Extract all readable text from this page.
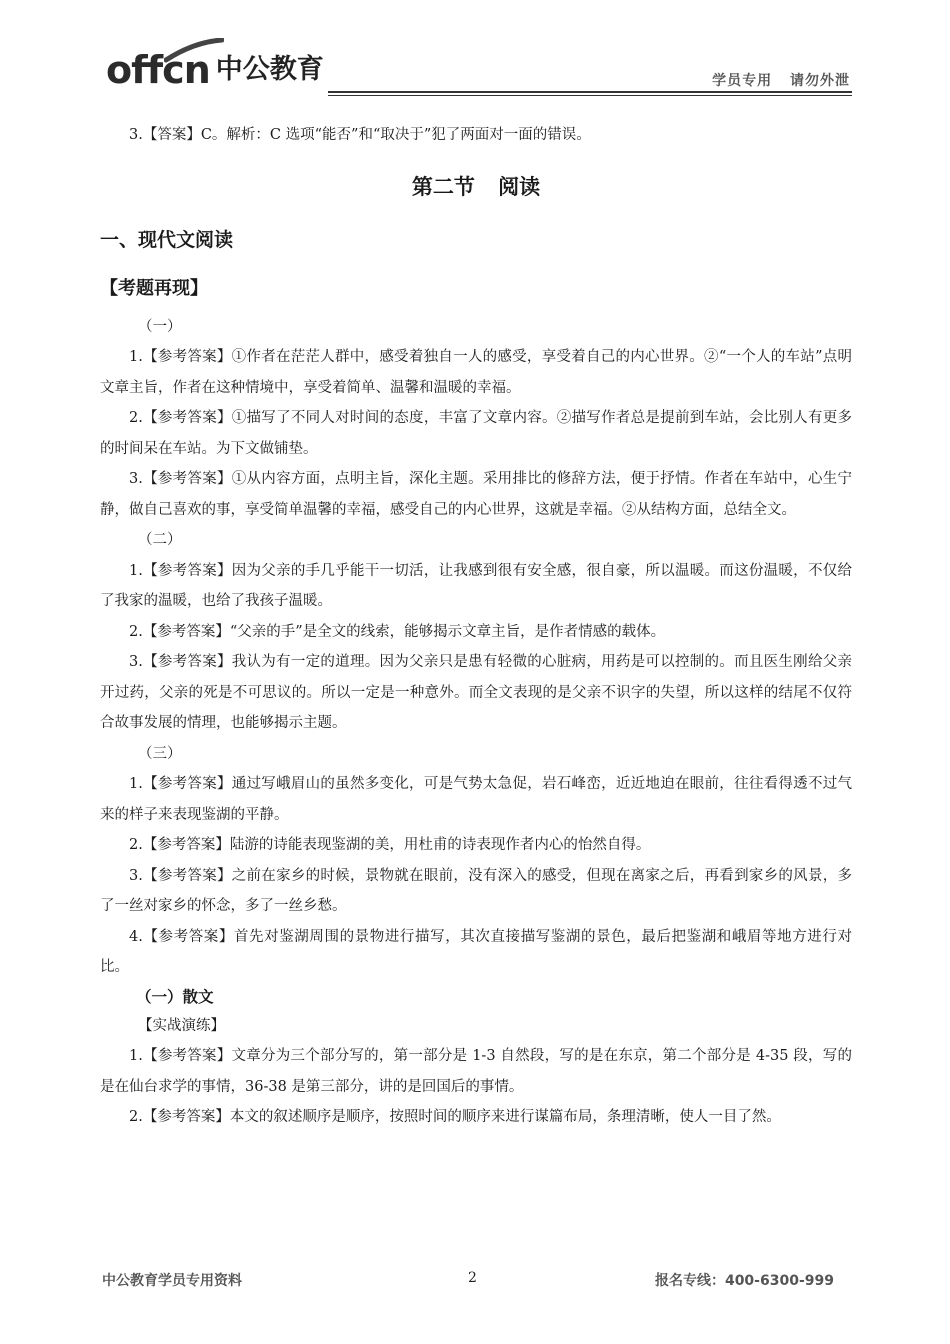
offcn 中公教育	学员专用 请勿外泄

3.【答案】C。解析：C 选项“能否”和“取决于”犯了两面对一面的错误。

第二节 阅读
一、现代文阅读
【考题再现】
（一）

1.【参考答案】①作者在茫茫人群中，感受着独自一人的感受，享受着自己的内心世界。②“一个人的车站”点明文章主旨，作者在这种情境中，享受着简单、温馨和温暖的幸福。

2.【参考答案】①描写了不同人对时间的态度，丰富了文章内容。②描写作者总是提前到车站，会比别人有更多的时间呆在车站。为下文做铺垫。

3.【参考答案】①从内容方面，点明主旨，深化主题。采用排比的修辞方法，便于抒情。作者在车站中，心生宁静，做自己喜欢的事，享受简单温馨的幸福，感受自己的内心世界，这就是幸福。②从结构方面，总结全文。

（二）

1.【参考答案】因为父亲的手几乎能干一切活，让我感到很有安全感，很自豪，所以温暖。而这份温暖，不仅给了我家的温暖，也给了我孩子温暖。

2.【参考答案】“父亲的手”是全文的线索，能够揭示文章主旨，是作者情感的载体。

3.【参考答案】我认为有一定的道理。因为父亲只是患有轻微的心脏病，用药是可以控制的。而且医生刚给父亲开过药，父亲的死是不可思议的。所以一定是一种意外。而全文表现的是父亲不识字的失望，所以这样的结尾不仅符合故事发展的情理，也能够揭示主题。

（三）

1.【参考答案】通过写峨眉山的虽然多变化，可是气势太急促，岩石峰峦，近近地迫在眼前，往往看得透不过气来的样子来表现鉴湖的平静。

2.【参考答案】陆游的诗能表现鉴湖的美，用杜甫的诗表现作者内心的怡然自得。

3.【参考答案】之前在家乡的时候，景物就在眼前，没有深入的感受，但现在离家之后，再看到家乡的风景，多了一丝对家乡的怀念，多了一丝乡愁。

4.【参考答案】首先对鉴湖周围的景物进行描写，其次直接描写鉴湖的景色，最后把鉴湖和峨眉等地方进行对比。

（一）散文
【实战演练】

1.【参考答案】文章分为三个部分写的，第一部分是 1-3 自然段，写的是在东京，第二个部分是 4-35 段，写的是在仙台求学的事情，36-38 是第三部分，讲的是回国后的事情。

2.【参考答案】本文的叙述顺序是顺序，按照时间的顺序来进行谋篇布局，条理清晰，使人一目了然。

中公教育学员专用资料	2	报名专线：400-6300-999
